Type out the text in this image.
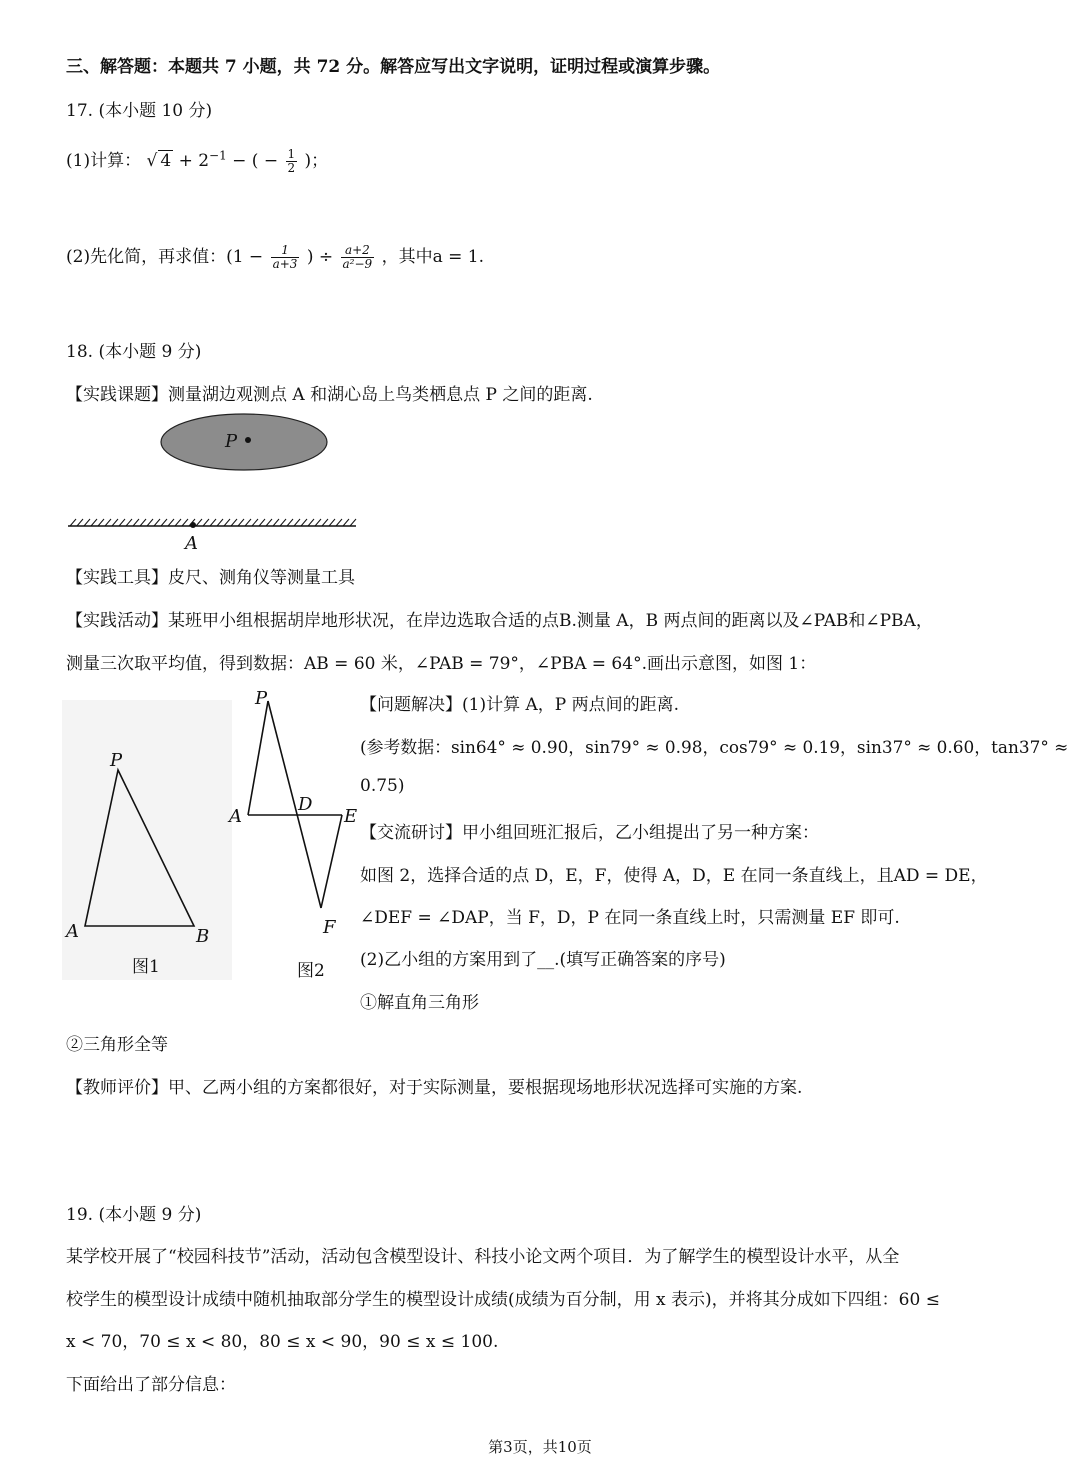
三、解答题：本题共 7 小题，共 72 分。解答应写出文字说明，证明过程或演算步骤。
17. (本小题 10 分)
(1)计算： √ $4 + 2^{-1}$ − ( − $\frac{1}{2}$ )；
(2)先化简，再求值：($1 - \frac{1}{a+3}$ ) ÷ $\frac{a+2}{\text{a²−9}}$ ，其中a = 1.
18. (本小题 9 分)
【实践课题】测量湖边观测点 A 和湖心岛上鸟类栖息点 P 之间的距离.
P
A
【实践工具】皮尺、测角仪等测量工具
【实践活动】某班甲小组根据胡岸地形状况，在岸边选取合适的点B.测量 A，B 两点间的距离以及∠PAB和∠PBA，
测量三次取平均值，得到数据：AB = 60 米，∠PAB = 79°，∠PBA = 64°.画出示意图，如图 1：
P
A	B
图1
P
A
D
E
F
图2
【问题解决】(1)计算 A，P 两点间的距离.
(参考数据：sin64° ≈ 0.90，sin79° ≈ 0.98，cos79° ≈ 0.19，sin37° ≈ 0.60，tan37° ≈
0.75)
【交流研讨】甲小组回班汇报后，乙小组提出了另一种方案：
如图 2，选择合适的点 D，E，F，使得 A，D，E 在同一条直线上，且AD = DE，
∠DEF = ∠DAP，当 F，D，P 在同一条直线上时，只需测量 EF 即可.
(2)乙小组的方案用到了__.(填写正确答案的序号)
①解直角三角形
②三角形全等
【教师评价】甲、乙两小组的方案都很好，对于实际测量，要根据现场地形状况选择可实施的方案.
19. (本小题 9 分)
某学校开展了“校园科技节”活动，活动包含模型设计、科技小论文两个项目．为了解学生的模型设计水平，从全
校学生的模型设计成绩中随机抽取部分学生的模型设计成绩(成绩为百分制，用 x 表示)，并将其分成如下四组：60 ≤
x < 70，70 ≤ x < 80，80 ≤ x < 90，90 ≤ x ≤ 100.
下面给出了部分信息：
第3页，共10页
